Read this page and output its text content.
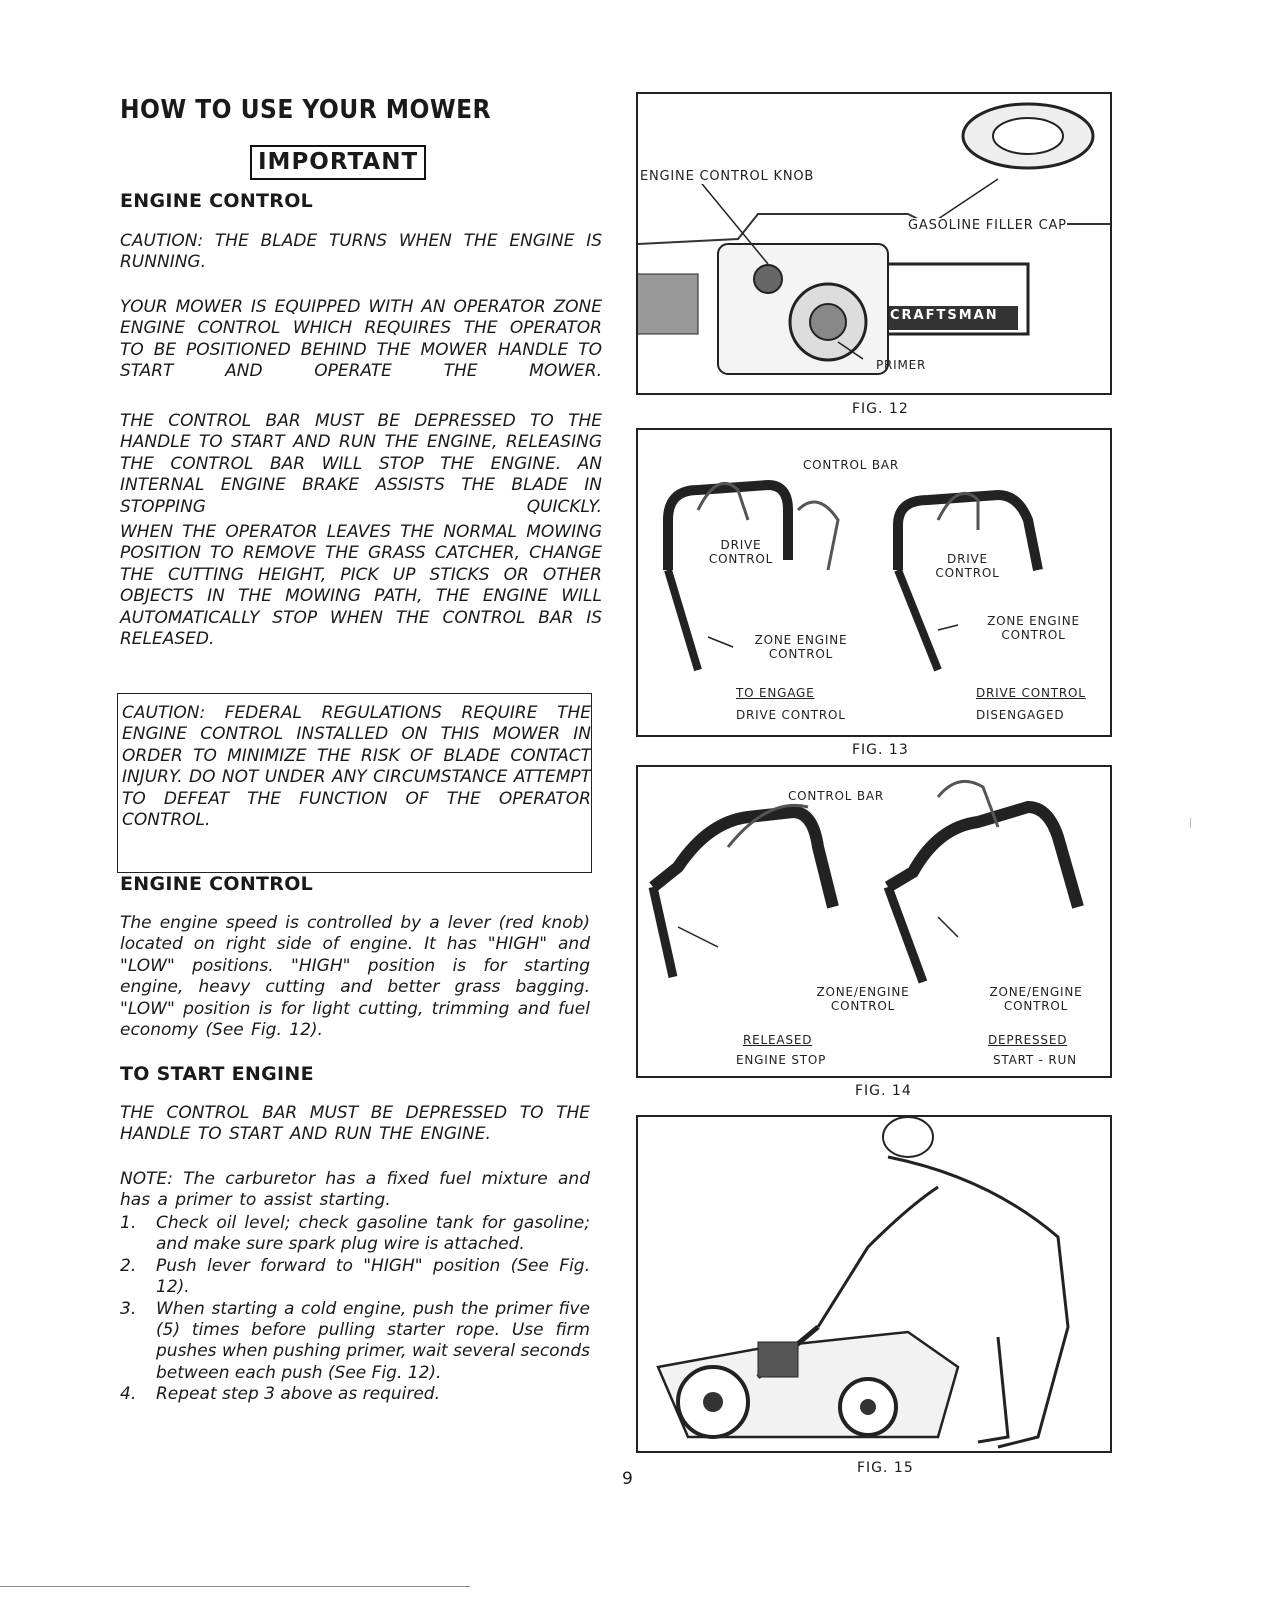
HOW TO USE YOUR MOWER
IMPORTANT
ENGINE CONTROL
CAUTION: THE BLADE TURNS WHEN THE ENGINE IS RUNNING.
YOUR MOWER IS EQUIPPED WITH AN OPERATOR ZONE ENGINE CONTROL WHICH REQUIRES THE OPERATOR TO BE POSITIONED BEHIND THE MOWER HANDLE TO START AND OPERATE THE MOWER.
THE CONTROL BAR MUST BE DEPRESSED TO THE HANDLE TO START AND RUN THE ENGINE, RELEASING THE CONTROL BAR WILL STOP THE ENGINE. AN INTERNAL ENGINE BRAKE ASSISTS THE BLADE IN STOPPING QUICKLY.
WHEN THE OPERATOR LEAVES THE NORMAL MOWING POSITION TO REMOVE THE GRASS CATCHER, CHANGE THE CUTTING HEIGHT, PICK UP STICKS OR OTHER OBJECTS IN THE MOWING PATH, THE ENGINE WILL AUTOMATICALLY STOP WHEN THE CONTROL BAR IS RELEASED.
CAUTION: FEDERAL REGULATIONS REQUIRE THE ENGINE CONTROL INSTALLED ON THIS MOWER IN ORDER TO MINIMIZE THE RISK OF BLADE CONTACT INJURY. DO NOT UNDER ANY CIRCUMSTANCE ATTEMPT TO DEFEAT THE FUNCTION OF THE OPERATOR CONTROL.
ENGINE CONTROL
The engine speed is controlled by a lever (red knob) located on right side of engine. It has "HIGH" and "LOW" positions. "HIGH" position is for starting engine, heavy cutting and better grass bagging. "LOW" position is for light cutting, trimming and fuel economy (See Fig. 12).
TO START ENGINE
THE CONTROL BAR MUST BE DEPRESSED TO THE HANDLE TO START AND RUN THE ENGINE.
NOTE: The carburetor has a fixed fuel mixture and has a primer to assist starting.
1. Check oil level; check gasoline tank for gasoline; and make sure spark plug wire is attached.
2. Push lever forward to "HIGH" position (See Fig. 12).
3. When starting a cold engine, push the primer five (5) times before pulling starter rope. Use firm pushes when pushing primer, wait several seconds between each push (See Fig. 12).
4. Repeat step 3 above as required.
ENGINE CONTROL KNOB
GASOLINE FILLER CAP
CRAFTSMAN
PRIMER
FIG. 12
CONTROL BAR
DRIVE CONTROL	DRIVE CONTROL
ZONE ENGINE CONTROL
ZONE ENGINE CONTROL
TO ENGAGE
DRIVE CONTROL
DRIVE CONTROL
DISENGAGED
FIG. 13
CONTROL BAR
ZONE/ENGINE CONTROL
ZONE/ENGINE CONTROL
RELEASED
ENGINE STOP
DEPRESSED
START - RUN
FIG. 14
FIG. 15
9
